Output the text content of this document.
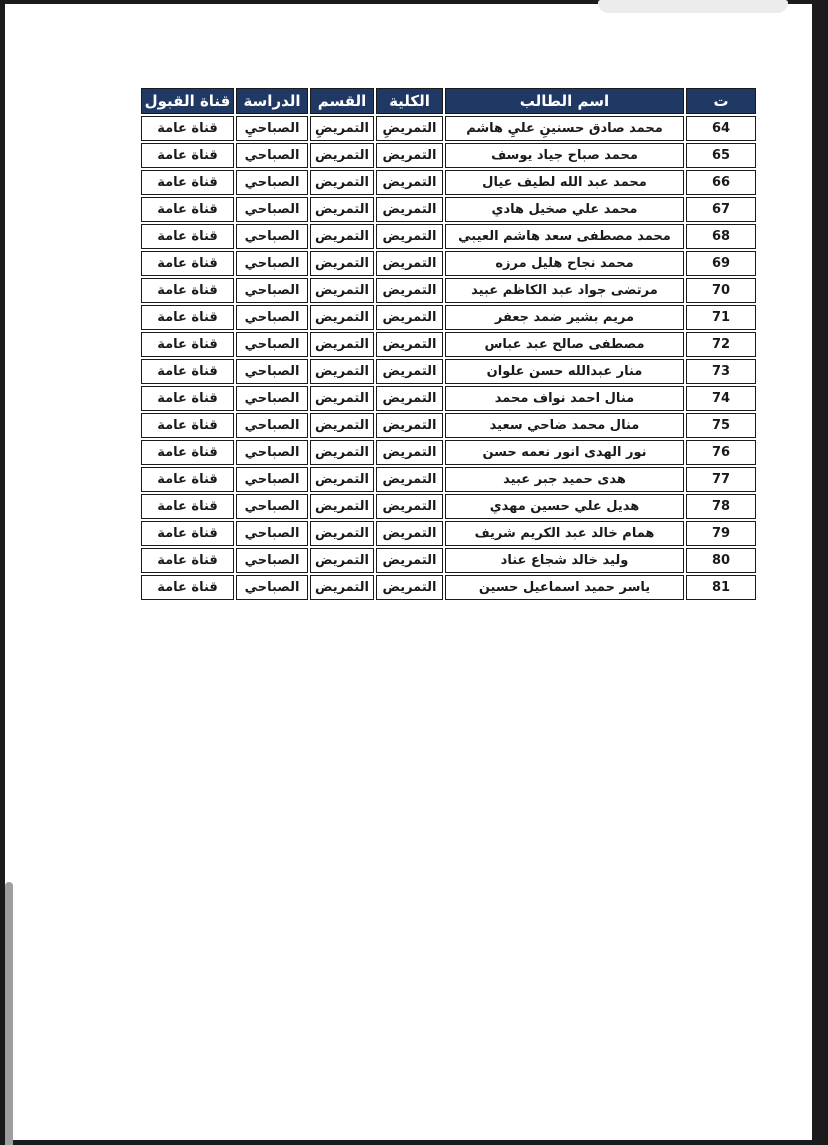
ت	اسم الطالب	الكلية	القسم	الدراسة	قناة القبول
64	محمد صادق حسنينِ عليِ هاشم	التمريضِ	التمريضِ	الصباحيِ	قناة عامة
65	محمد صباح جياد يوسف	التمريض	التمريض	الصباحي	قناة عامة
66	محمد عبد الله لطيف عيال	التمريض	التمريض	الصباحي	قناة عامة
67	محمد علي صخيل هادي	التمريض	التمريض	الصباحي	قناة عامة
68	محمد مصطفى سعد هاشم العيبي	التمريض	التمريض	الصباحي	قناة عامة
69	محمد نجاح هليل مرزه	التمريض	التمريض	الصباحي	قناة عامة
70	مرتضى جواد عبد الكاظم عبيد	التمريض	التمريض	الصباحي	قناة عامة
71	مريم بشير ضمد جعفر	التمريض	التمريض	الصباحي	قناة عامة
72	مصطفى صالح عبد عباس	التمريض	التمريض	الصباحي	قناة عامة
73	منار عبدالله حسن علوان	التمريض	التمريض	الصباحي	قناة عامة
74	منال احمد نواف محمد	التمريض	التمريض	الصباحي	قناة عامة
75	منال محمد ضاحي سعيد	التمريض	التمريض	الصباحي	قناة عامة
76	نور الهدى انور نعمه حسن	التمريض	التمريض	الصباحي	قناة عامة
77	هدى حميد جبر عبيد	التمريض	التمريض	الصباحي	قناة عامة
78	هديل علي حسين مهدي	التمريض	التمريض	الصباحي	قناة عامة
79	همام خالد عبد الكريم شريف	التمريض	التمريض	الصباحي	قناة عامة
80	وليد خالد شجاع عناد	التمريض	التمريض	الصباحي	قناة عامة
81	ياسر حميد اسماعيل حسين	التمريض	التمريض	الصباحي	قناة عامة
